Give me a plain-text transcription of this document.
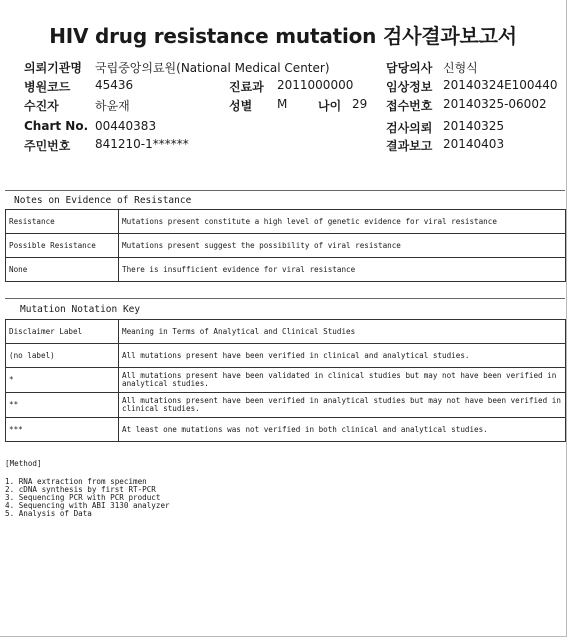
HIV drug resistance mutation 검사결과보고서
의뢰기관명 국립중앙의료원(National Medical Center)	담당의사 신형식
병원코드 45436	진료과 2011000000	임상정보 20140324E100440
수진자	하윤재	성별 M	나이 29 접수번호 20140325-06002
Chart No. 00440383	검사의뢰 20140325
주민번호 841210-1******	결과보고 20140403
Notes on Evidence of Resistance
Resistance	Mutations present constitute a high level of genetic evidence for viral resistance
Possible Resistance	Mutations present suggest the possibility of viral resistance
None	There is insufficient evidence for viral resistance
Mutation Notation Key
Disclaimer Label	Meaning in Terms of Analytical and Clinical Studies
(no label)	All mutations present have been verified in clinical and analytical studies.
*	All mutations present have been validated in clinical studies but may not have been verified in analytical studies.
**	All mutations present have been verified in analytical studies but may not have been verified in clinical studies.
***	At least one mutations was not verified in both clinical and analytical studies.
[Method]
1. RNA extraction from specimen
2. cDNA synthesis by first RT-PCR
3. Sequencing PCR with PCR product
4. Sequencing with ABI 3130 analyzer
5. Analysis of Data
